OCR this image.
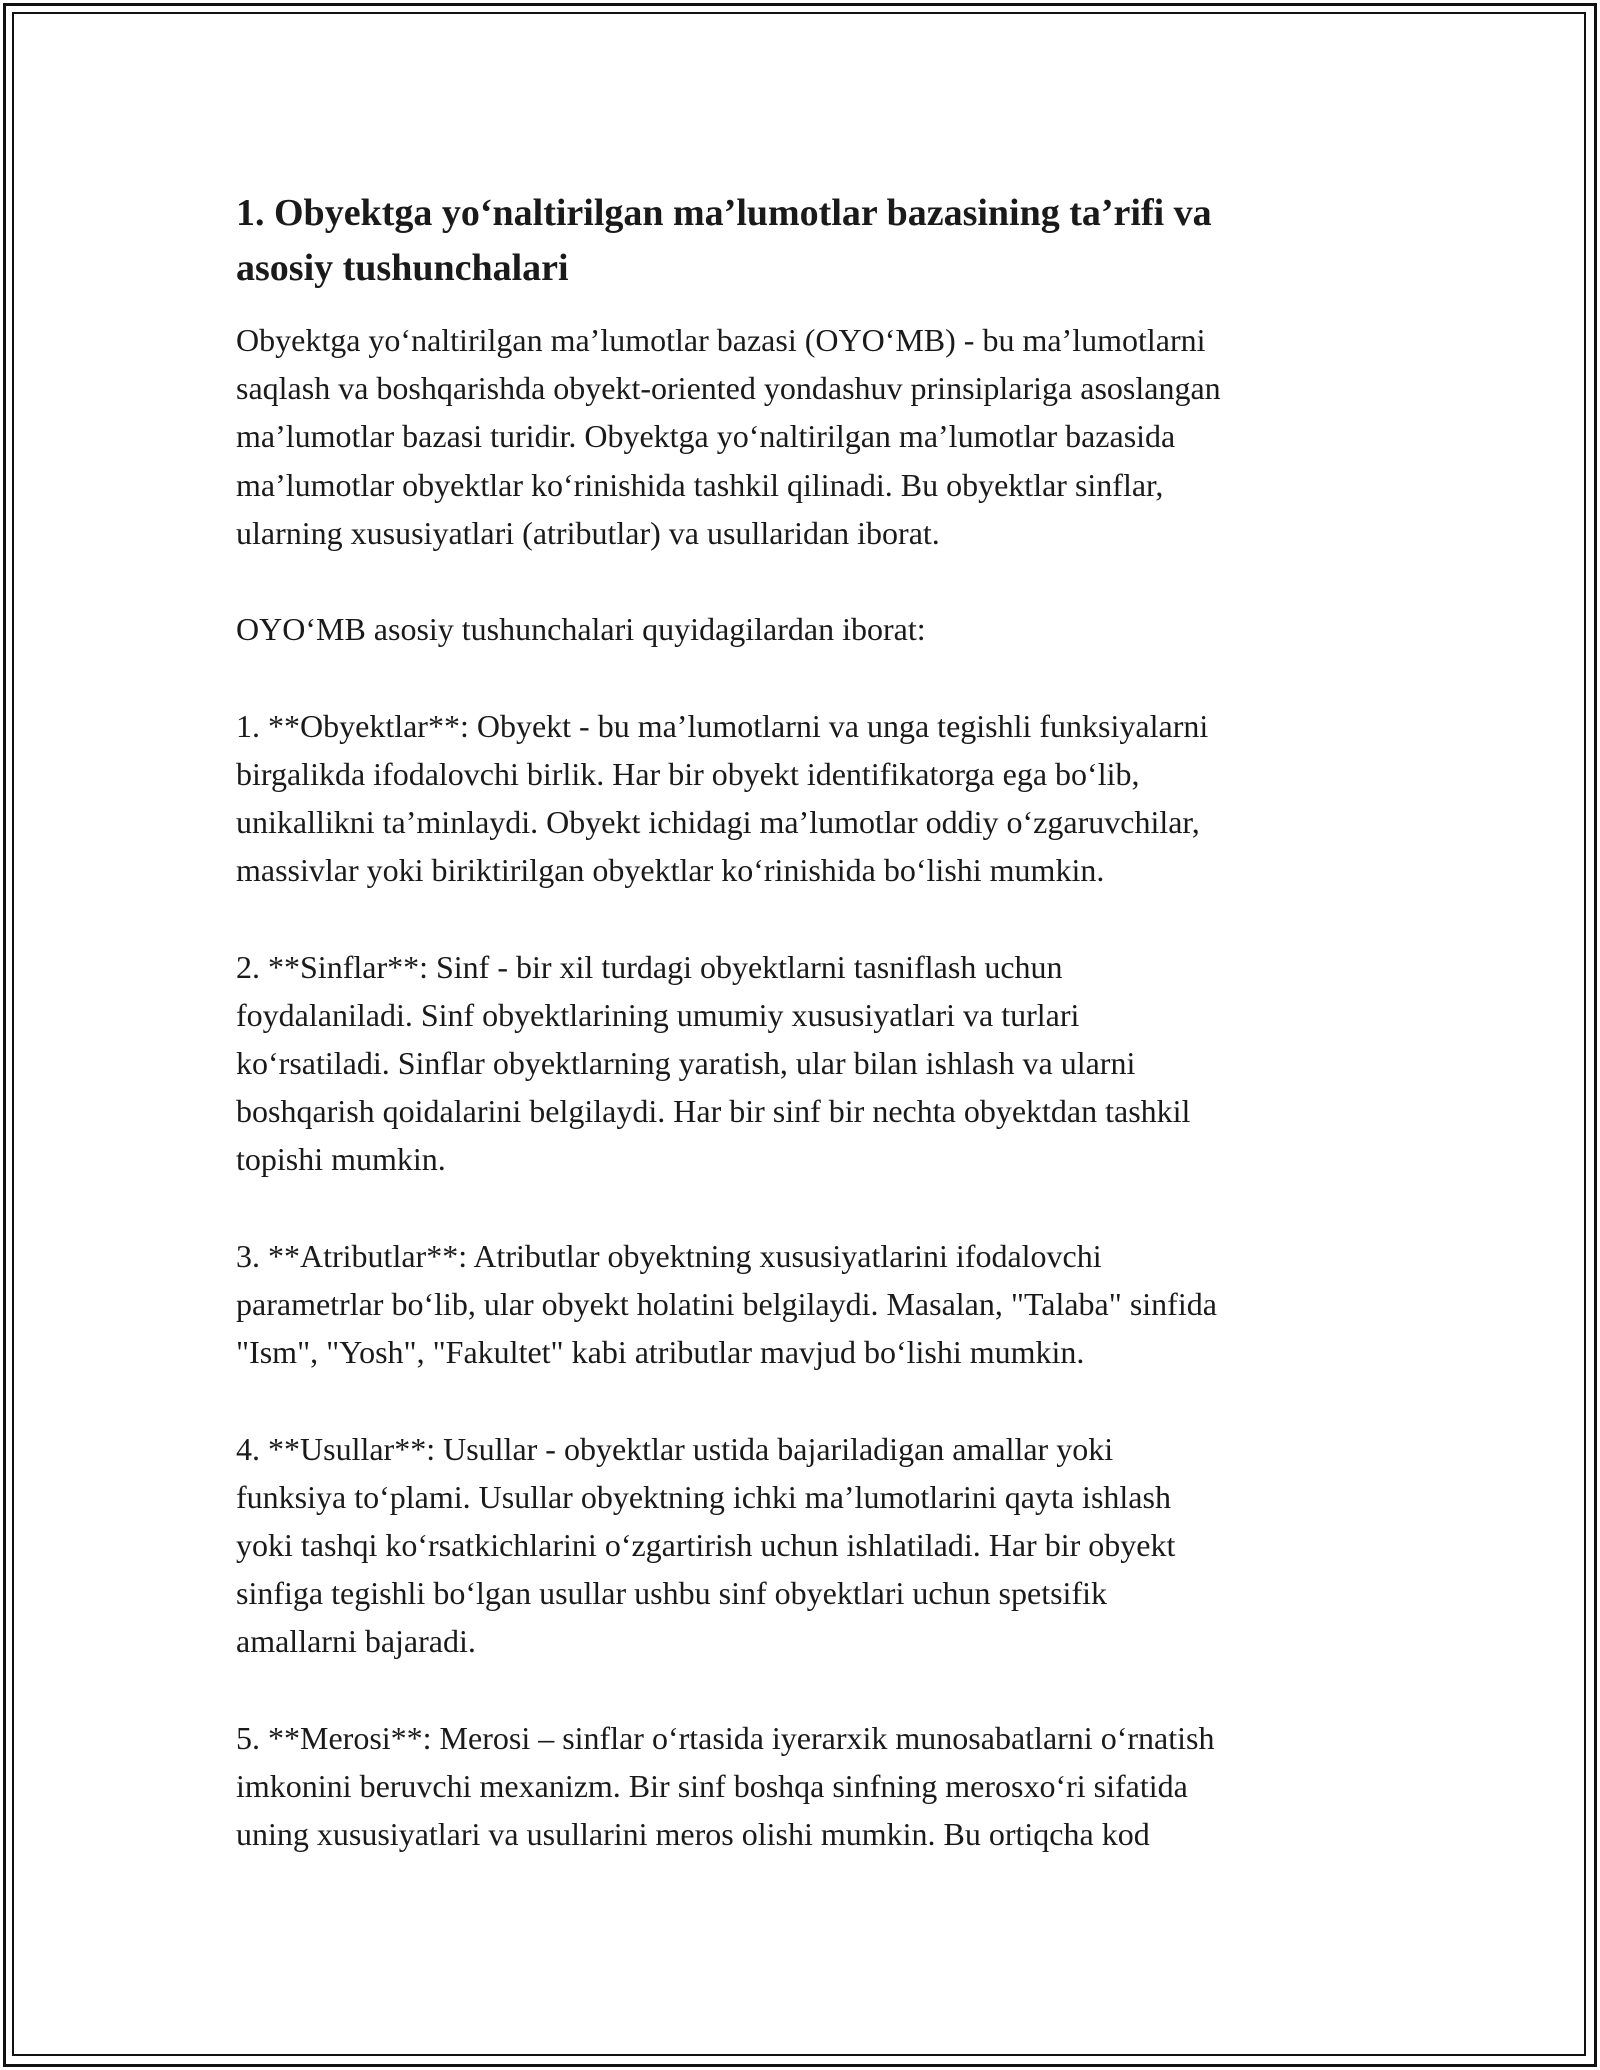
1. Obyektga yo‘naltirilgan ma’lumotlar bazasining ta’rifi va
asosiy tushunchalari

Obyektga yo‘naltirilgan ma’lumotlar bazasi (OYO‘MB) - bu ma’lumotlarni
saqlash va boshqarishda obyekt-oriented yondashuv prinsiplariga asoslangan
ma’lumotlar bazasi turidir. Obyektga yo‘naltirilgan ma’lumotlar bazasida
ma’lumotlar obyektlar ko‘rinishida tashkil qilinadi. Bu obyektlar sinflar,
ularning xususiyatlari (atributlar) va usullaridan iborat.

OYO‘MB asosiy tushunchalari quyidagilardan iborat:

1. **Obyektlar**: Obyekt - bu ma’lumotlarni va unga tegishli funksiyalarni
birgalikda ifodalovchi birlik. Har bir obyekt identifikatorga ega bo‘lib,
unikallikni ta’minlaydi. Obyekt ichidagi ma’lumotlar oddiy o‘zgaruvchilar,
massivlar yoki biriktirilgan obyektlar ko‘rinishida bo‘lishi mumkin.

2. **Sinflar**: Sinf - bir xil turdagi obyektlarni tasniflash uchun
foydalaniladi. Sinf obyektlarining umumiy xususiyatlari va turlari
ko‘rsatiladi. Sinflar obyektlarning yaratish, ular bilan ishlash va ularni
boshqarish qoidalarini belgilaydi. Har bir sinf bir nechta obyektdan tashkil
topishi mumkin.

3. **Atributlar**: Atributlar obyektning xususiyatlarini ifodalovchi
parametrlar bo‘lib, ular obyekt holatini belgilaydi. Masalan, "Talaba" sinfida
"Ism", "Yosh", "Fakultet" kabi atributlar mavjud bo‘lishi mumkin.

4. **Usullar**: Usullar - obyektlar ustida bajariladigan amallar yoki
funksiya to‘plami. Usullar obyektning ichki ma’lumotlarini qayta ishlash
yoki tashqi ko‘rsatkichlarini o‘zgartirish uchun ishlatiladi. Har bir obyekt
sinfiga tegishli bo‘lgan usullar ushbu sinf obyektlari uchun spetsifik
amallarni bajaradi.

5. **Merosi**: Merosi – sinflar o‘rtasida iyerarxik munosabatlarni o‘rnatish
imkonini beruvchi mexanizm. Bir sinf boshqa sinfning merosxo‘ri sifatida
uning xususiyatlari va usullarini meros olishi mumkin. Bu ortiqcha kod
